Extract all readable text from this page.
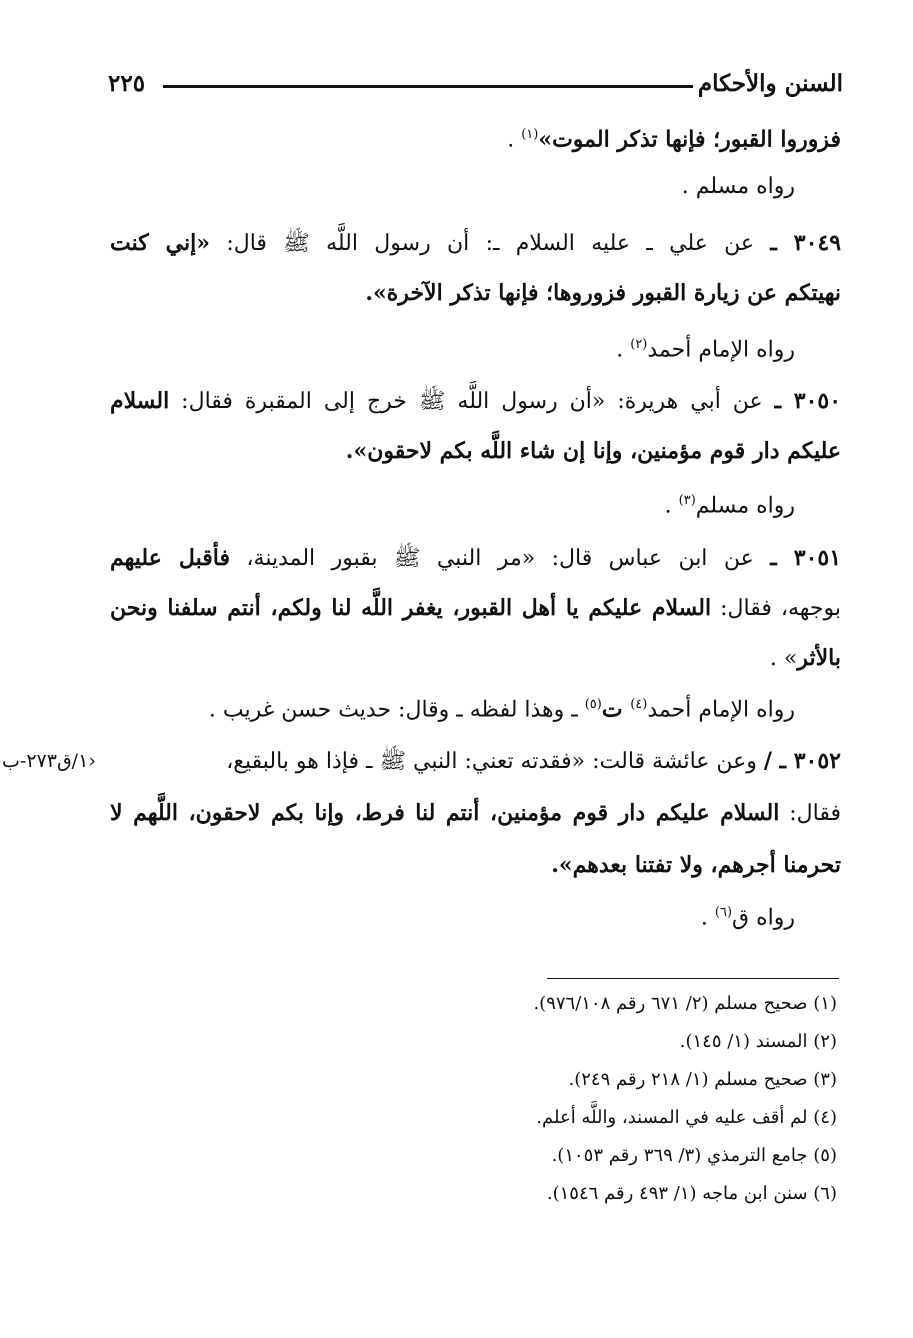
السنن والأحكام
٢٢٥
فزوروا القبور؛ فإنها تذكر الموت»$^{(١)}$ .
رواه مسلم .
٣٠٤٩ ـ عن علي ـ عليه السلام ـ: أن رسول اللَّه ﷺ قال: «إني كنت
نهيتكم عن زيارة القبور فزوروها؛ فإنها تذكر الآخرة».
رواه الإمام أحمد$^{(٢)}$ .
٣٠٥٠ ـ عن أبي هريرة: «أن رسول اللَّه ﷺ خرج إلى المقبرة فقال: السلام
عليكم دار قوم مؤمنين، وإنا إن شاء اللَّه بكم لاحقون».
رواه مسلم$^{(٣)}$ .
٣٠٥١ ـ عن ابن عباس قال: «مر النبي ﷺ بقبور المدينة، فأقبل عليهم
بوجهه، فقال: السلام عليكم يا أهل القبور، يغفر اللَّه لنا ولكم، أنتم سلفنا ونحن
بالأثر» .
رواه الإمام أحمد$^{(٤)}$ ت$^{(٥)}$ ـ وهذا لفظه ـ وقال: حديث حسن غريب .
٣٠٥٢ ـ / وعن عائشة قالت: «فقدته تعني: النبي ﷺ ـ فإذا هو بالبقيع،
‹١/ق٢٧٣-ب
فقال: السلام عليكم دار قوم مؤمنين، أنتم لنا فرط، وإنا بكم لاحقون، اللَّهم لا
تحرمنا أجرهم، ولا تفتنا بعدهم».
رواه ق$^{(٦)}$ .
(١) صحيح مسلم (٢/ ٦٧١ رقم ٩٧٦/١٠٨).
(٢) المسند (١/ ١٤٥).
(٣) صحيح مسلم (١/ ٢١٨ رقم ٢٤٩).
(٤) لم أقف عليه في المسند، واللَّه أعلم.
(٥) جامع الترمذي (٣/ ٣٦٩ رقم ١٠٥٣).
(٦) سنن ابن ماجه (١/ ٤٩٣ رقم ١٥٤٦).
